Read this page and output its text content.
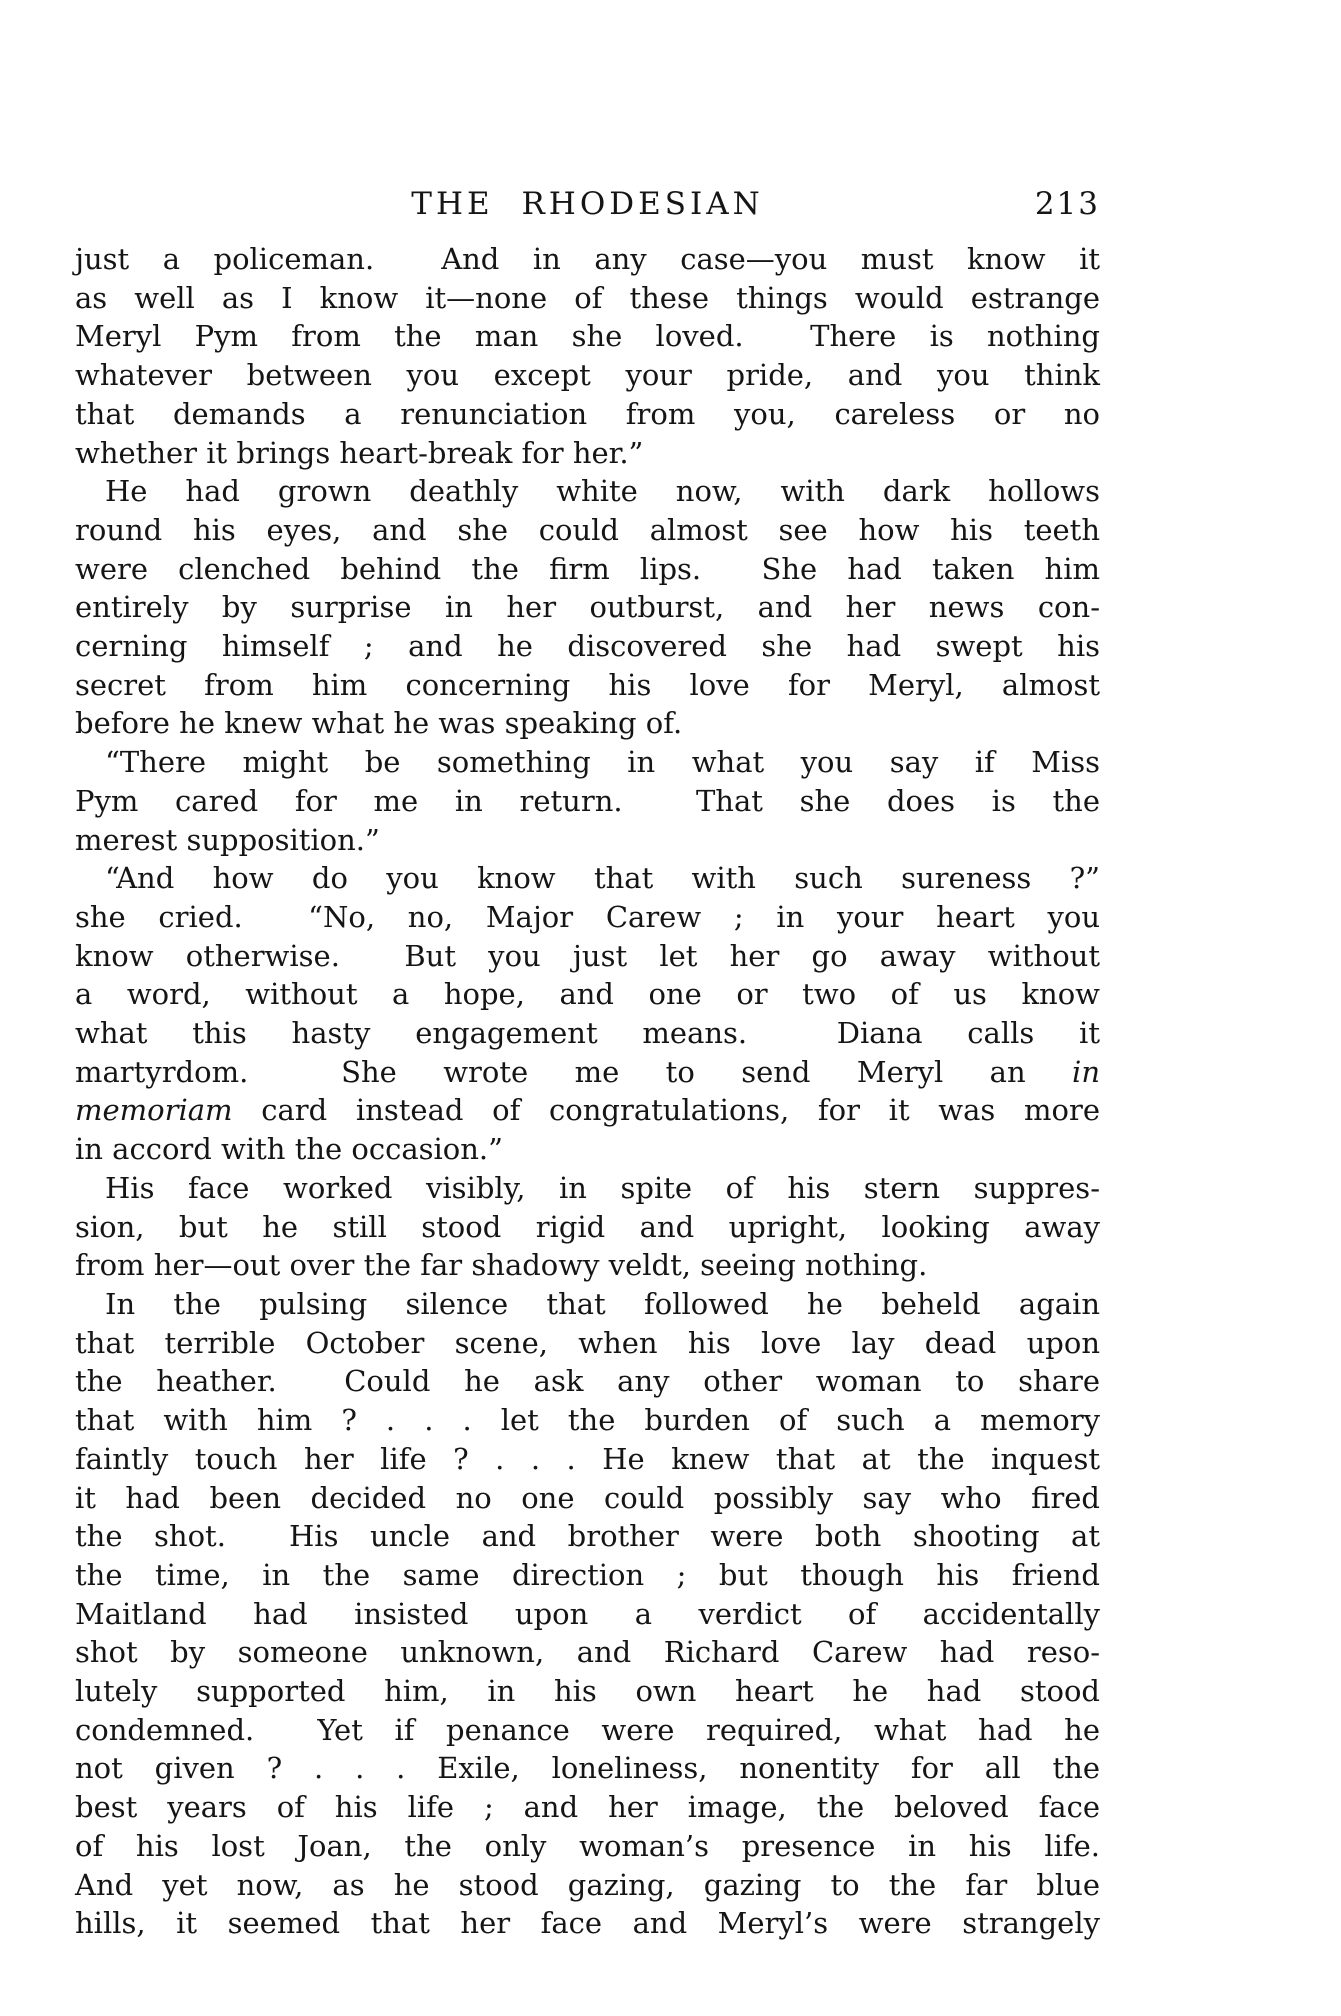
THE RHODESIAN	213
just a policeman.  And in any case—you must know it
as well as I know it—none of these things would estrange
Meryl Pym from the man she loved.  There is nothing
whatever between you except your pride, and you think
that demands a renunciation from you, careless or no
whether it brings heart-break for her.”
He had grown deathly white now, with dark hollows
round his eyes, and she could almost see how his teeth
were clenched behind the firm lips.  She had taken him
entirely by surprise in her outburst, and her news con-
cerning himself ; and he discovered she had swept his
secret from him concerning his love for Meryl, almost
before he knew what he was speaking of.
“There might be something in what you say if Miss
Pym cared for me in return.  That she does is the
merest supposition.”
“And how do you know that with such sureness ?”
she cried.  “No, no, Major Carew ; in your heart you
know otherwise.  But you just let her go away without
a word, without a hope, and one or two of us know
what this hasty engagement means.  Diana calls it
martyrdom.  She wrote me to send Meryl an in
memoriam card instead of congratulations, for it was more
in accord with the occasion.”
His face worked visibly, in spite of his stern suppres-
sion, but he still stood rigid and upright, looking away
from her—out over the far shadowy veldt, seeing nothing.
In the pulsing silence that followed he beheld again
that terrible October scene, when his love lay dead upon
the heather.  Could he ask any other woman to share
that with him ? . . . let the burden of such a memory
faintly touch her life ? . . . He knew that at the inquest
it had been decided no one could possibly say who fired
the shot.  His uncle and brother were both shooting at
the time, in the same direction ; but though his friend
Maitland had insisted upon a verdict of accidentally
shot by someone unknown, and Richard Carew had reso-
lutely supported him, in his own heart he had stood
condemned.  Yet if penance were required, what had he
not given ? . . . Exile, loneliness, nonentity for all the
best years of his life ; and her image, the beloved face
of his lost Joan, the only woman’s presence in his life.
And yet now, as he stood gazing, gazing to the far blue
hills, it seemed that her face and Meryl’s were strangely
